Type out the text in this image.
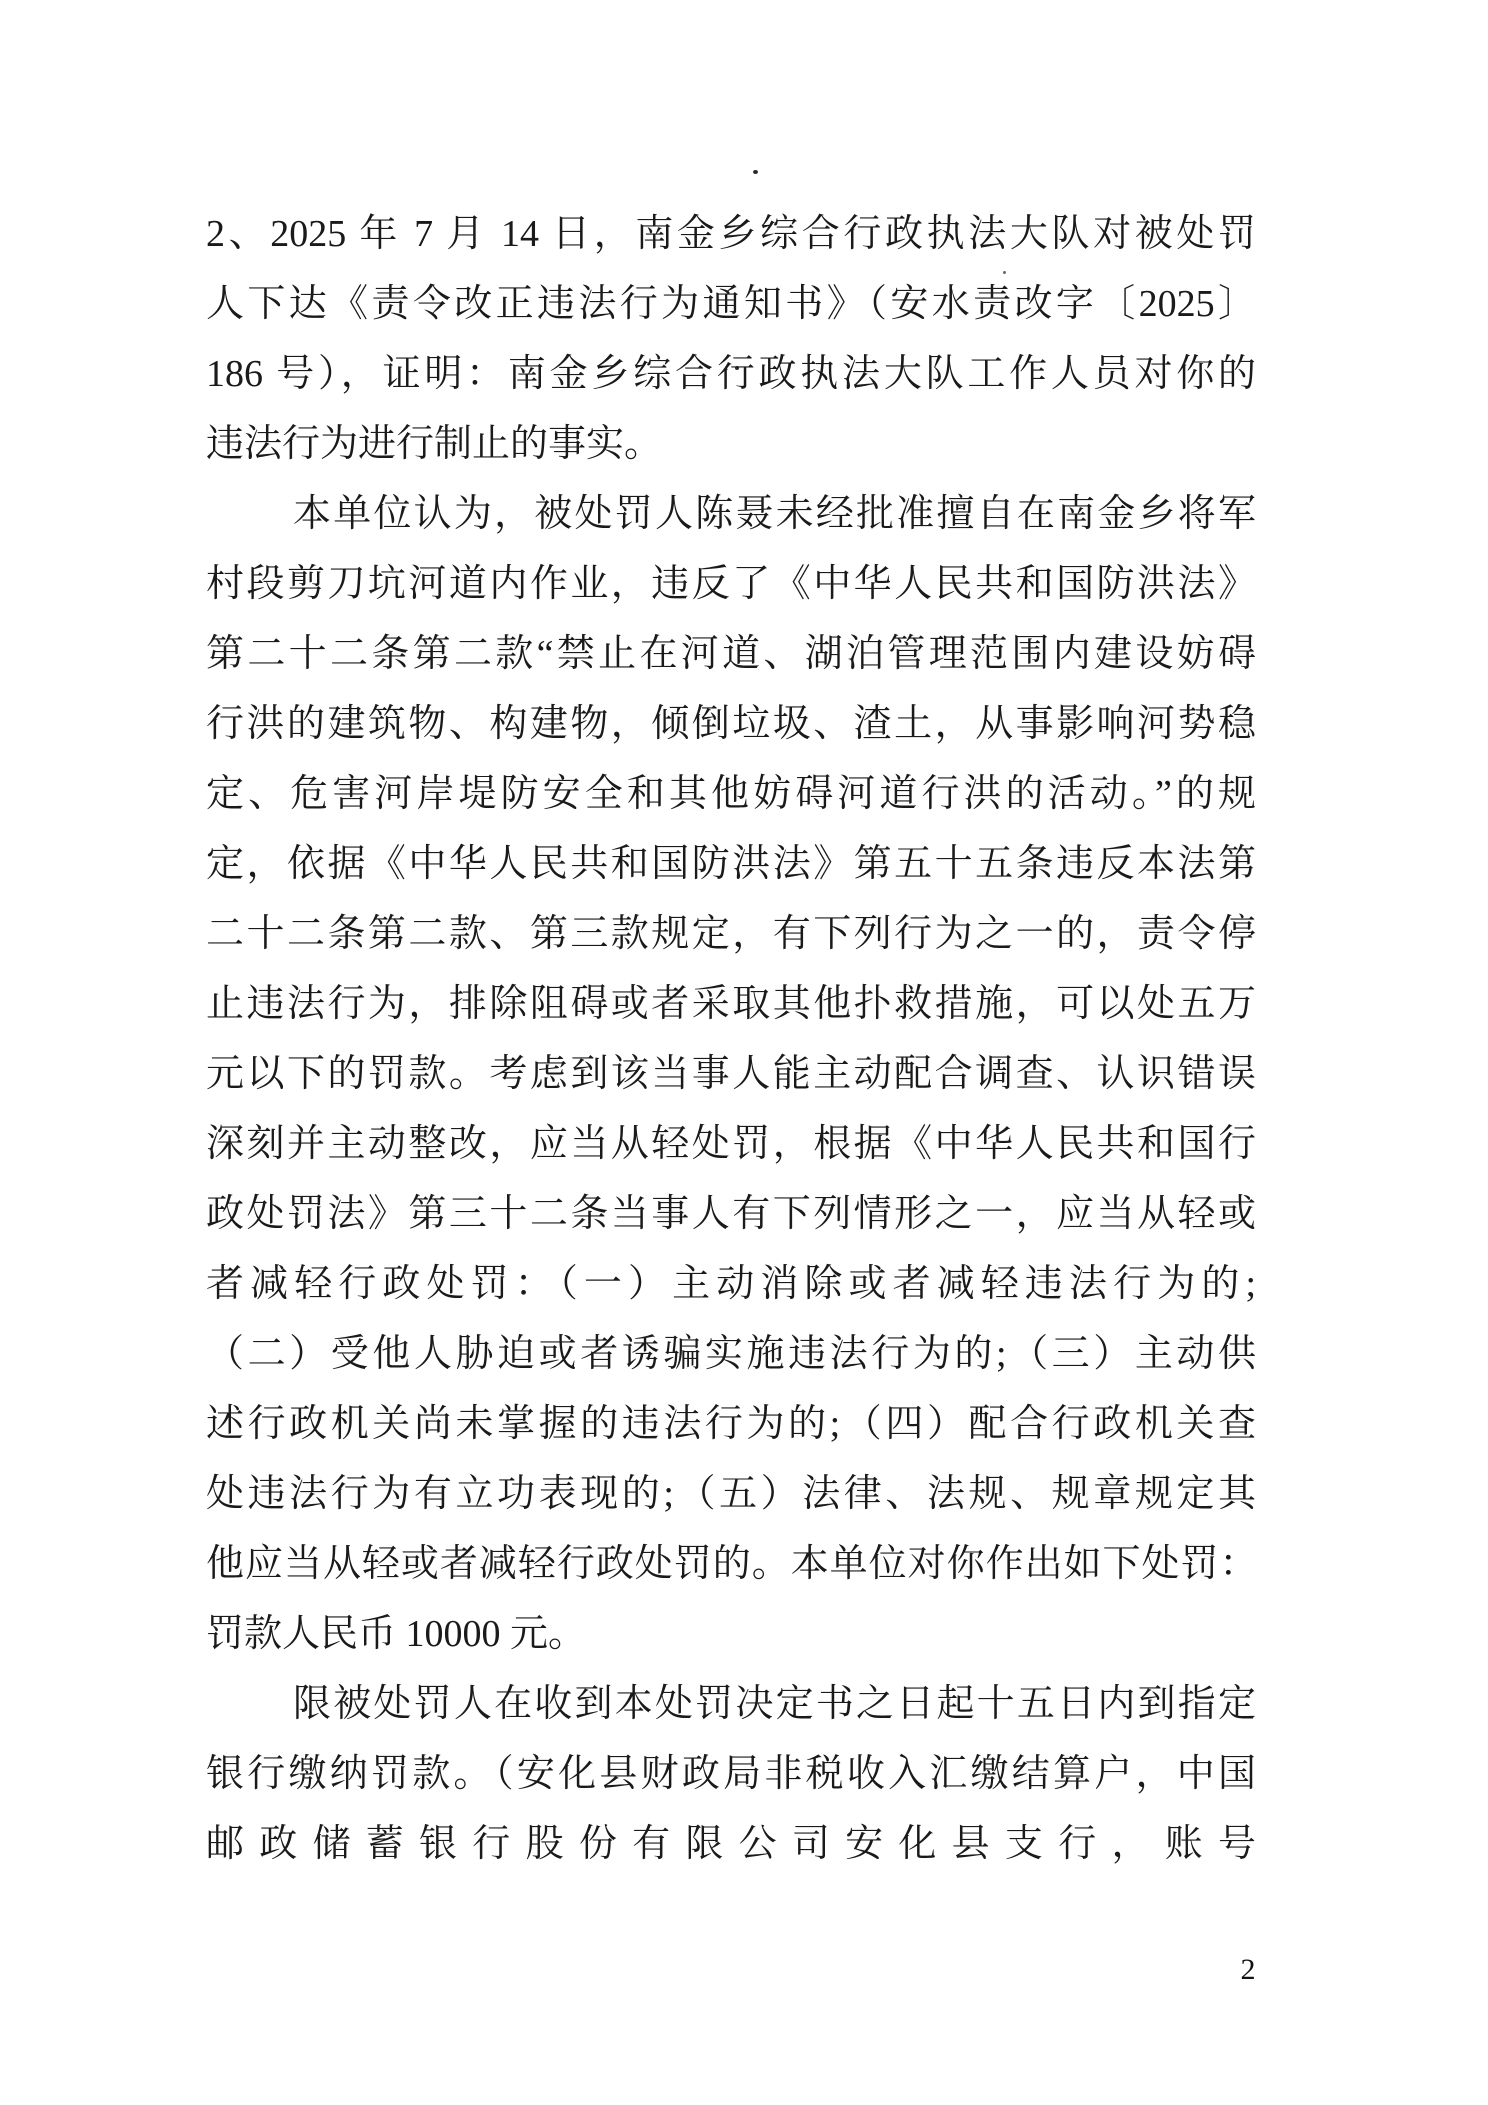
2、2025 年 7 月 14 日，南金乡综合行政执法大队对被处罚
人下达《责令改正违法行为通知书》（安水责改字〔2025〕
186 号），证明：南金乡综合行政执法大队工作人员对你的
违法行为进行制止的事实。
本单位认为，被处罚人陈聂未经批准擅自在南金乡将军
村段剪刀坑河道内作业，违反了《中华人民共和国防洪法》
第二十二条第二款“禁止在河道、湖泊管理范围内建设妨碍
行洪的建筑物、构建物，倾倒垃圾、渣土，从事影响河势稳
定、危害河岸堤防安全和其他妨碍河道行洪的活动。”的规
定，依据《中华人民共和国防洪法》第五十五条违反本法第
二十二条第二款、第三款规定，有下列行为之一的，责令停
止违法行为，排除阻碍或者采取其他扑救措施，可以处五万
元以下的罚款。考虑到该当事人能主动配合调查、认识错误
深刻并主动整改，应当从轻处罚，根据《中华人民共和国行
政处罚法》第三十二条当事人有下列情形之一，应当从轻或
者减轻行政处罚：（一）主动消除或者减轻违法行为的;
（二）受他人胁迫或者诱骗实施违法行为的;（三）主动供
述行政机关尚未掌握的违法行为的;（四）配合行政机关查
处违法行为有立功表现的;（五）法律、法规、规章规定其
他应当从轻或者减轻行政处罚的。本单位对你作出如下处罚：
罚款人民币 10000 元。
限被处罚人在收到本处罚决定书之日起十五日内到指定
银行缴纳罚款。（安化县财政局非税收入汇缴结算户，中国
邮政储蓄银行股份有限公司安化县支行，账号
2
